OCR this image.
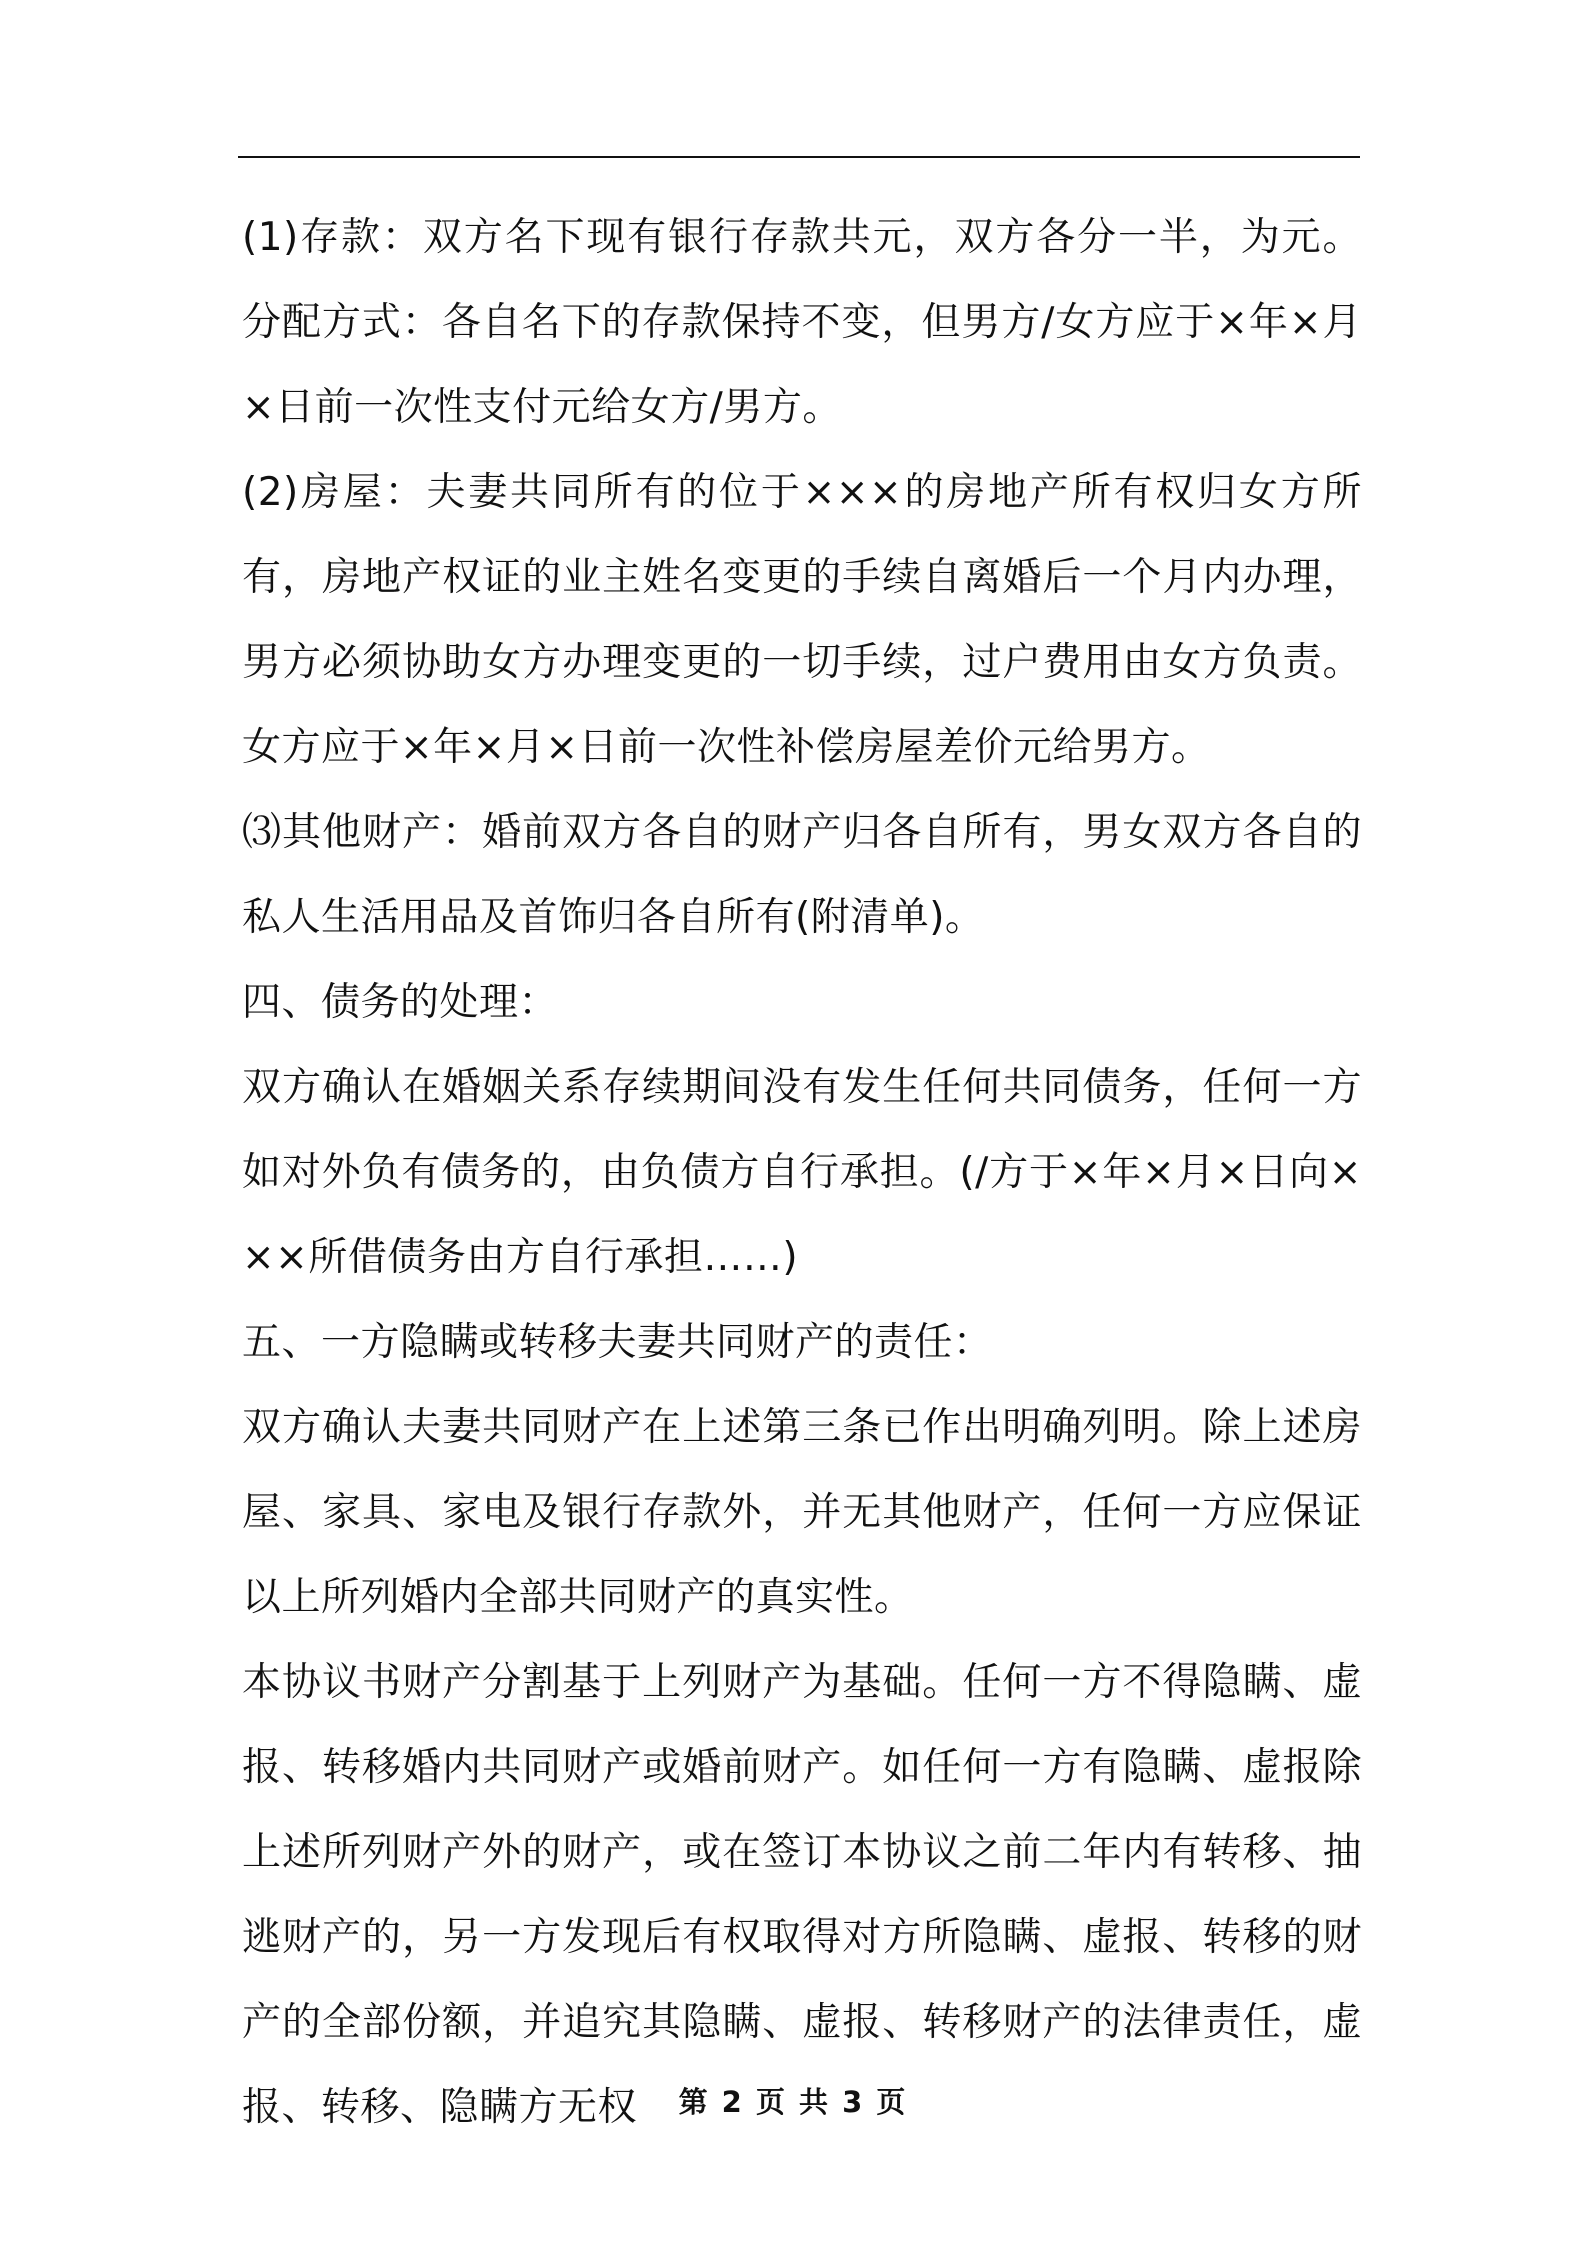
(1)存款：双方名下现有银行存款共元，双方各分一半，为元。分配方式：各自名下的存款保持不变，但男方/女方应于×年×月×日前一次性支付元给女方/男方。

(2)房屋：夫妻共同所有的位于×××的房地产所有权归女方所有，房地产权证的业主姓名变更的手续自离婚后一个月内办理，男方必须协助女方办理变更的一切手续，过户费用由女方负责。女方应于×年×月×日前一次性补偿房屋差价元给男方。

⑶其他财产：婚前双方各自的财产归各自所有，男女双方各自的私人生活用品及首饰归各自所有(附清单)。

四、债务的处理：

双方确认在婚姻关系存续期间没有发生任何共同债务，任何一方如对外负有债务的，由负债方自行承担。(/方于×年×月×日向×××所借债务由方自行承担……)

五、一方隐瞒或转移夫妻共同财产的责任：

双方确认夫妻共同财产在上述第三条已作出明确列明。除上述房屋、家具、家电及银行存款外，并无其他财产，任何一方应保证以上所列婚内全部共同财产的真实性。

本协议书财产分割基于上列财产为基础。任何一方不得隐瞒、虚报、转移婚内共同财产或婚前财产。如任何一方有隐瞒、虚报除上述所列财产外的财产，或在签订本协议之前二年内有转移、抽逃财产的，另一方发现后有权取得对方所隐瞒、虚报、转移的财产的全部份额，并追究其隐瞒、虚报、转移财产的法律责任，虚报、转移、隐瞒方无权	第 2 页 共 3 页
